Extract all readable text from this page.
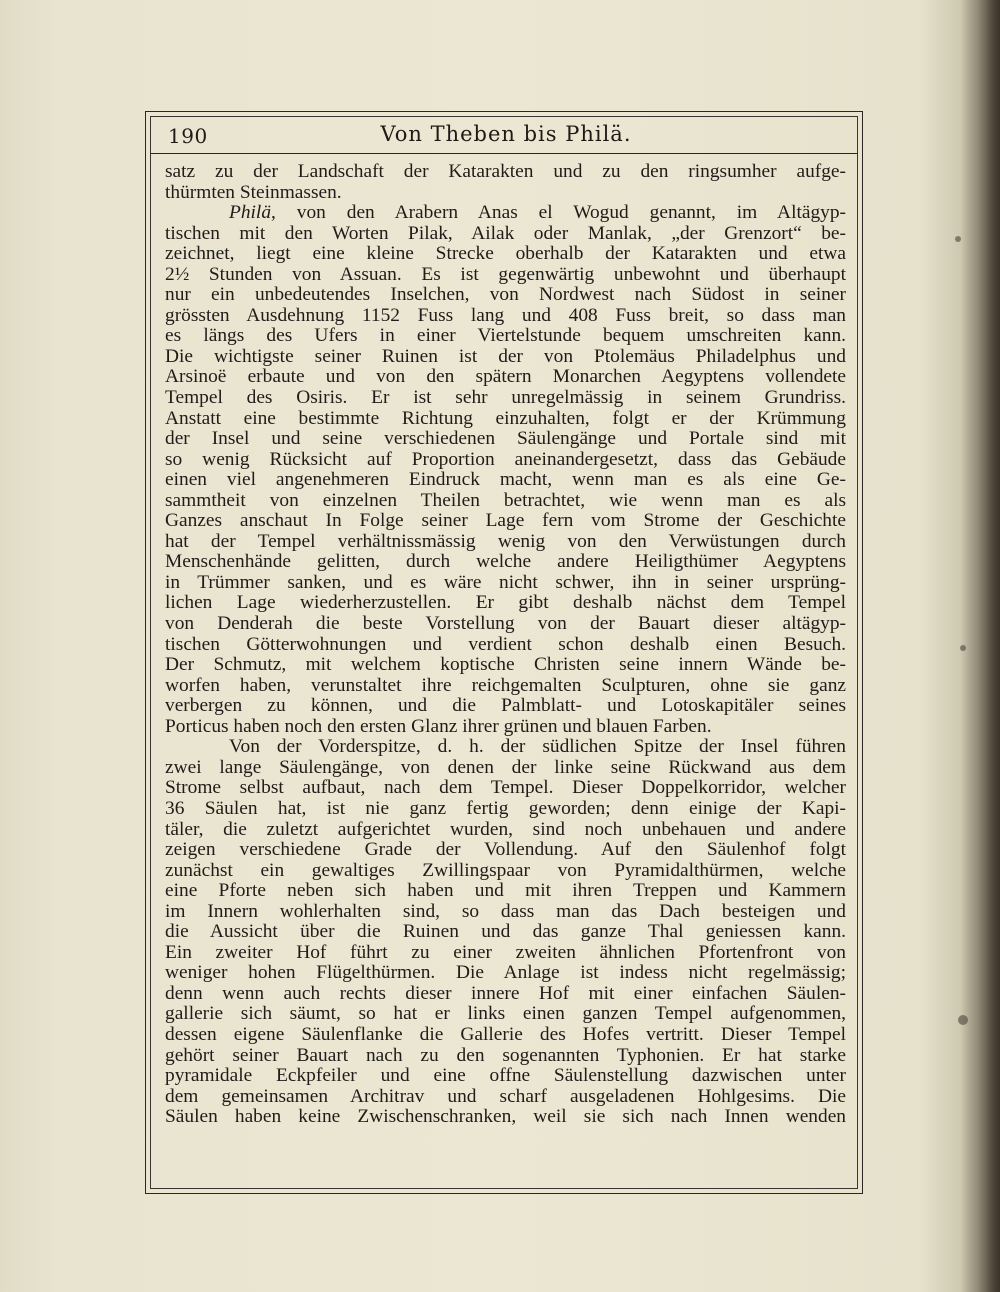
190	Von Theben bis Philä.
satz zu der Landschaft der Katarakten und zu den ringsumher aufge-
thürmten Steinmassen.
Philä, von den Arabern Anas el Wogud genannt, im Altägyp-
tischen mit den Worten Pilak, Ailak oder Manlak, „der Grenzort“ be-
zeichnet, liegt eine kleine Strecke oberhalb der Katarakten und etwa
2½ Stunden von Assuan. Es ist gegenwärtig unbewohnt und überhaupt
nur ein unbedeutendes Inselchen, von Nordwest nach Südost in seiner
grössten Ausdehnung 1152 Fuss lang und 408 Fuss breit, so dass man
es längs des Ufers in einer Viertelstunde bequem umschreiten kann.
Die wichtigste seiner Ruinen ist der von Ptolemäus Philadelphus und
Arsinoë erbaute und von den spätern Monarchen Aegyptens vollendete
Tempel des Osiris. Er ist sehr unregelmässig in seinem Grundriss.
Anstatt eine bestimmte Richtung einzuhalten, folgt er der Krümmung
der Insel und seine verschiedenen Säulengänge und Portale sind mit
so wenig Rücksicht auf Proportion aneinandergesetzt, dass das Gebäude
einen viel angenehmeren Eindruck macht, wenn man es als eine Ge-
sammtheit von einzelnen Theilen betrachtet, wie wenn man es als
Ganzes anschaut In Folge seiner Lage fern vom Strome der Geschichte
hat der Tempel verhältnissmässig wenig von den Verwüstungen durch
Menschenhände gelitten, durch welche andere Heiligthümer Aegyptens
in Trümmer sanken, und es wäre nicht schwer, ihn in seiner ursprüng-
lichen Lage wiederherzustellen. Er gibt deshalb nächst dem Tempel
von Denderah die beste Vorstellung von der Bauart dieser altägyp-
tischen Götterwohnungen und verdient schon deshalb einen Besuch.
Der Schmutz, mit welchem koptische Christen seine innern Wände be-
worfen haben, verunstaltet ihre reichgemalten Sculpturen, ohne sie ganz
verbergen zu können, und die Palmblatt- und Lotoskapitäler seines
Porticus haben noch den ersten Glanz ihrer grünen und blauen Farben.
Von der Vorderspitze, d. h. der südlichen Spitze der Insel führen
zwei lange Säulengänge, von denen der linke seine Rückwand aus dem
Strome selbst aufbaut, nach dem Tempel. Dieser Doppelkorridor, welcher
36 Säulen hat, ist nie ganz fertig geworden; denn einige der Kapi-
täler, die zuletzt aufgerichtet wurden, sind noch unbehauen und andere
zeigen verschiedene Grade der Vollendung. Auf den Säulenhof folgt
zunächst ein gewaltiges Zwillingspaar von Pyramidalthürmen, welche
eine Pforte neben sich haben und mit ihren Treppen und Kammern
im Innern wohlerhalten sind, so dass man das Dach besteigen und
die Aussicht über die Ruinen und das ganze Thal geniessen kann.
Ein zweiter Hof führt zu einer zweiten ähnlichen Pfortenfront von
weniger hohen Flügelthürmen. Die Anlage ist indess nicht regelmässig;
denn wenn auch rechts dieser innere Hof mit einer einfachen Säulen-
gallerie sich säumt, so hat er links einen ganzen Tempel aufgenommen,
dessen eigene Säulenflanke die Gallerie des Hofes vertritt. Dieser Tempel
gehört seiner Bauart nach zu den sogenannten Typhonien. Er hat starke
pyramidale Eckpfeiler und eine offne Säulenstellung dazwischen unter
dem gemeinsamen Architrav und scharf ausgeladenen Hohlgesims. Die
Säulen haben keine Zwischenschranken, weil sie sich nach Innen wenden
